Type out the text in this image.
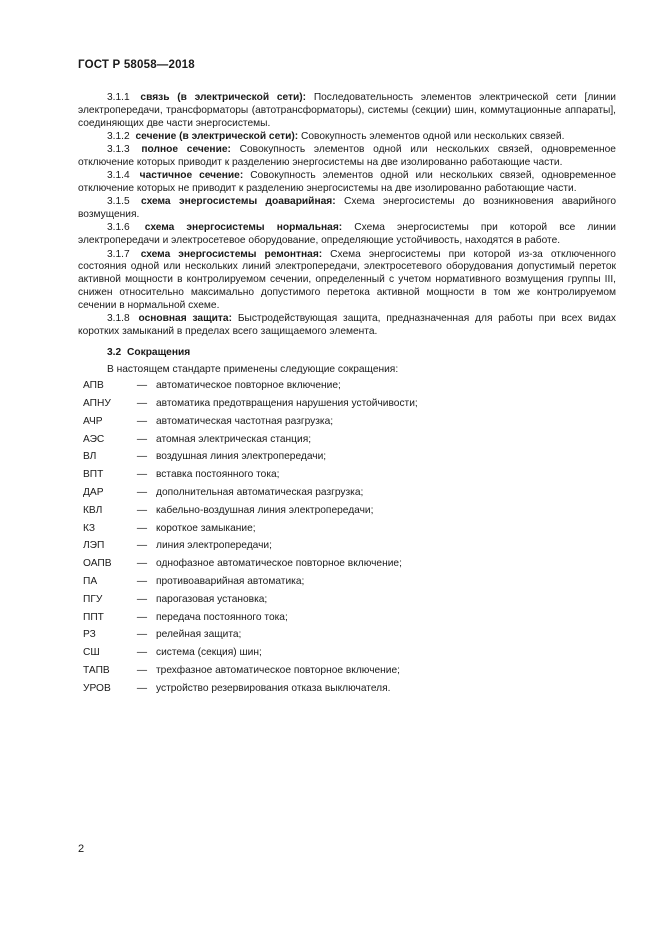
ГОСТ Р 58058—2018

3.1.1 связь (в электрической сети): Последовательность элементов электрической сети [линии электропередачи, трансформаторы (автотрансформаторы), системы (секции) шин, коммутационные аппараты], соединяющих две части энергосистемы.

3.1.2 сечение (в электрической сети): Совокупность элементов одной или нескольких связей.

3.1.3 полное сечение: Совокупность элементов одной или нескольких связей, одновременное отключение которых приводит к разделению энергосистемы на две изолированно работающие части.

3.1.4 частичное сечение: Совокупность элементов одной или нескольких связей, одновременное отключение которых не приводит к разделению энергосистемы на две изолированно работающие части.

3.1.5 схема энергосистемы доаварийная: Схема энергосистемы до возникновения аварийного возмущения.

3.1.6 схема энергосистемы нормальная: Схема энергосистемы при которой все линии электропередачи и электросетевое оборудование, определяющие устойчивость, находятся в работе.

3.1.7 схема энергосистемы ремонтная: Схема энергосистемы при которой из-за отключенного состояния одной или нескольких линий электропередачи, электросетевого оборудования допустимый переток активной мощности в контролируемом сечении, определенный с учетом нормативного возмущения группы III, снижен относительно максимально допустимого перетока активной мощности в том же контролируемом сечении в нормальной схеме.

3.1.8 основная защита: Быстродействующая защита, предназначенная для работы при всех видах коротких замыканий в пределах всего защищаемого элемента.

3.2 Сокращения
В настоящем стандарте применены следующие сокращения:
АПВ	— автоматическое повторное включение;
АПНУ	— автоматика предотвращения нарушения устойчивости;
АЧР	— автоматическая частотная разгрузка;
АЭС	— атомная электрическая станция;
ВЛ	— воздушная линия электропередачи;
ВПТ	— вставка постоянного тока;
ДАР	— дополнительная автоматическая разгрузка;
КВЛ	— кабельно-воздушная линия электропередачи;
КЗ	— короткое замыкание;
ЛЭП	— линия электропередачи;
ОАПВ	— однофазное автоматическое повторное включение;
ПА	— противоаварийная автоматика;
ПГУ	— парогазовая установка;
ППТ	— передача постоянного тока;
РЗ	— релейная защита;
СШ	— система (секция) шин;
ТАПВ	— трехфазное автоматическое повторное включение;
УРОВ	— устройство резервирования отказа выключателя.
2
